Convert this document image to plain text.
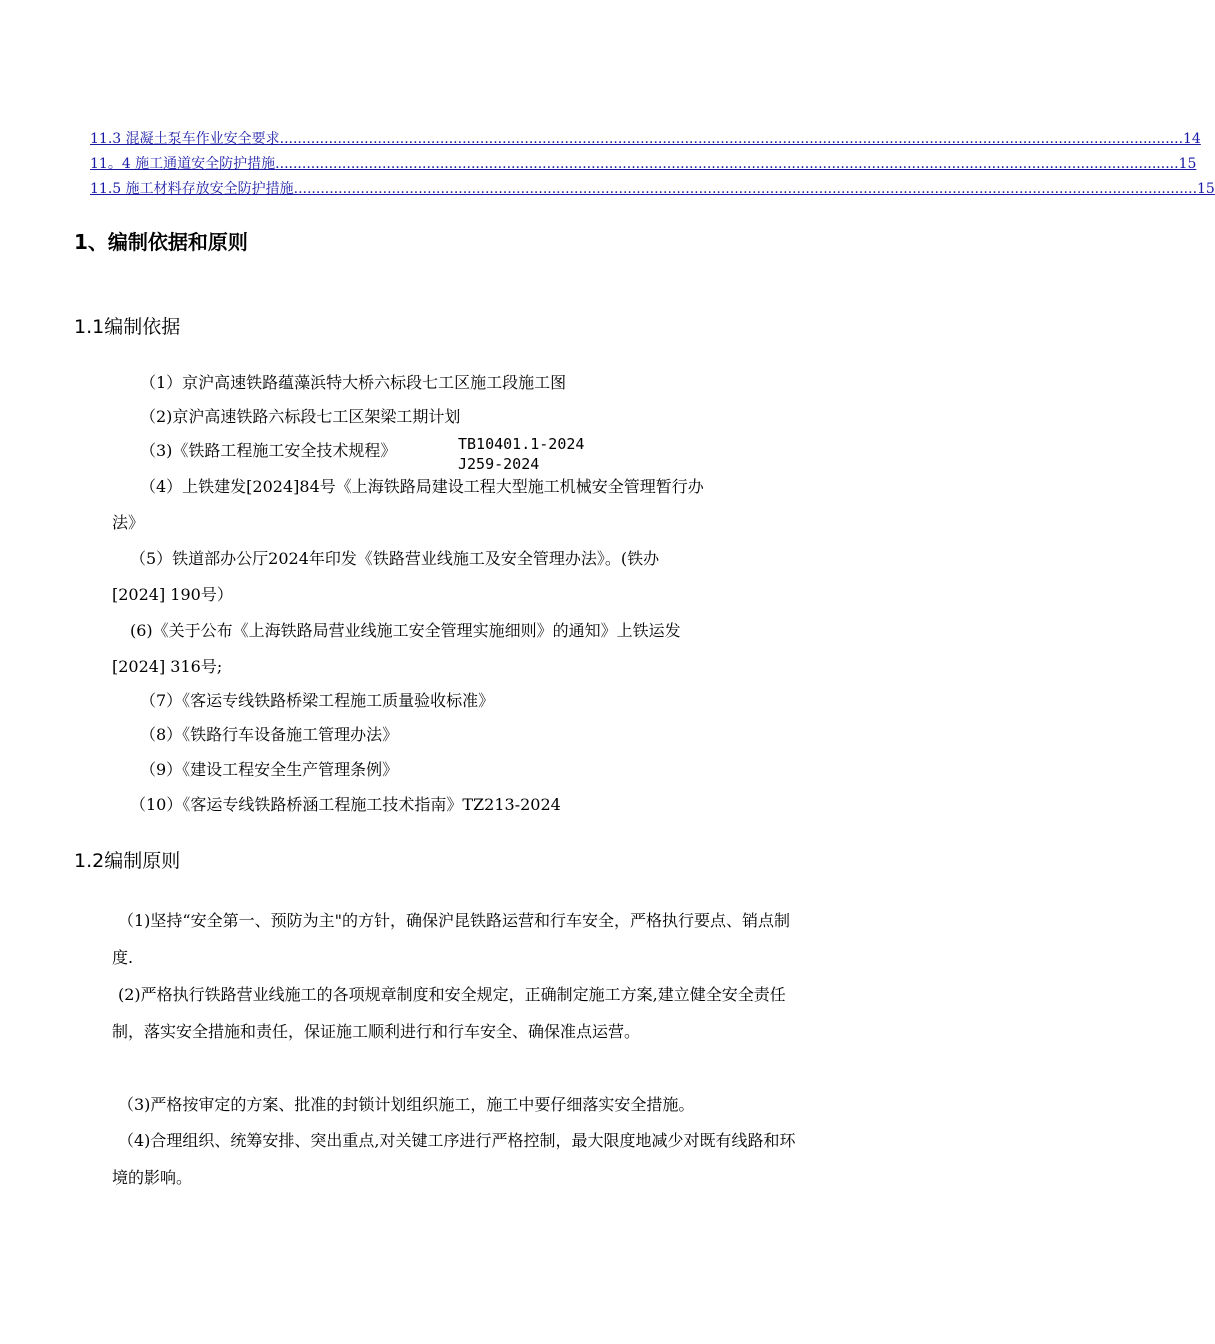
11.3 混凝土泵车作业安全要求 ........................................................................................................................................................................................................... 14
11。4 施工通道安全防护措施 ........................................................................................................................................................................................................... 15
11.5 施工材料存放安全防护措施 ........................................................................................................................................................................................................... 15
1、编制依据和原则
1.1编制依据
（1）京沪高速铁路蕴藻浜特大桥六标段七工区施工段施工图
（2)京沪高速铁路六标段七工区架梁工期计划
（3)《铁路工程施工安全技术规程》	TB10401.1-2024
J259-2024
（4）上铁建发[2024]84号《上海铁路局建设工程大型施工机械安全管理暂行办
法》
（5）铁道部办公厅2024年印发《铁路营业线施工及安全管理办法》。(铁办
[2024] 190号）
(6)《关于公布《上海铁路局营业线施工安全管理实施细则》的通知》上铁运发
[2024] 316号;
（7）《客运专线铁路桥梁工程施工质量验收标准》
（8）《铁路行车设备施工管理办法》
（9）《建设工程安全生产管理条例》
（10）《客运专线铁路桥涵工程施工技术指南》TZ213-2024
1.2编制原则
（1)坚持“安全第一、预防为主"的方针，确保沪昆铁路运营和行车安全，严格执行要点、销点制度.
(2)严格执行铁路营业线施工的各项规章制度和安全规定，正确制定施工方案,建立健全安全责任制，落实安全措施和责任，保证施工顺利进行和行车安全、确保准点运营。
（3)严格按审定的方案、批准的封锁计划组织施工，施工中要仔细落实安全措施。
（4)合理组织、统筹安排、突出重点,对关键工序进行严格控制，最大限度地减少对既有线路和环境的影响。
